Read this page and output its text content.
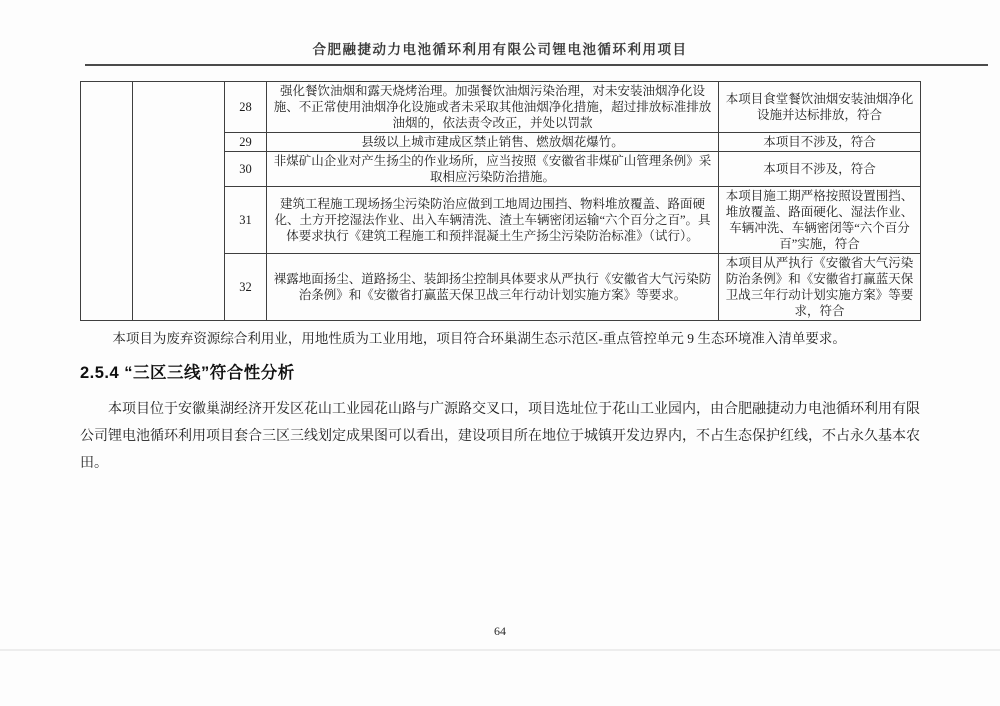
合肥融捷动力电池循环利用有限公司锂电池循环利用项目
		28	强化餐饮油烟和露天烧烤治理。加强餐饮油烟污染治理，对未安装油烟净化设施、不正常使用油烟净化设施或者未采取其他油烟净化措施，超过排放标准排放油烟的，依法责令改正，并处以罚款	本项目食堂餐饮油烟安装油烟净化设施并达标排放，符合
		29	县级以上城市建成区禁止销售、燃放烟花爆竹。	本项目不涉及，符合
		30	非煤矿山企业对产生扬尘的作业场所，应当按照《安徽省非煤矿山管理条例》采取相应污染防治措施。	本项目不涉及，符合
		31	建筑工程施工现场扬尘污染防治应做到工地周边围挡、物料堆放覆盖、路面硬化、土方开挖湿法作业、出入车辆清洗、渣土车辆密闭运输“六个百分之百”。具体要求执行《建筑工程施工和预拌混凝土生产扬尘污染防治标准》（试行）。	本项目施工期严格按照设置围挡、堆放覆盖、路面硬化、湿法作业、车辆冲洗、车辆密闭等“六个百分百”实施，符合
		32	裸露地面扬尘、道路扬尘、装卸扬尘控制具体要求从严执行《安徽省大气污染防治条例》和《安徽省打赢蓝天保卫战三年行动计划实施方案》等要求。	本项目从严执行《安徽省大气污染防治条例》和《安徽省打赢蓝天保卫战三年行动计划实施方案》等要求，符合

本项目为废弃资源综合利用业，用地性质为工业用地，项目符合环巢湖生态示范区-重点管控单元 9 生态环境准入清单要求。

2.5.4 “三区三线”符合性分析

本项目位于安徽巢湖经济开发区花山工业园花山路与广源路交叉口，项目选址位于花山工业园内，由合肥融捷动力电池循环利用有限公司锂电池循环利用项目套合三区三线划定成果图可以看出，建设项目所在地位于城镇开发边界内，不占生态保护红线，不占永久基本农田。

64
